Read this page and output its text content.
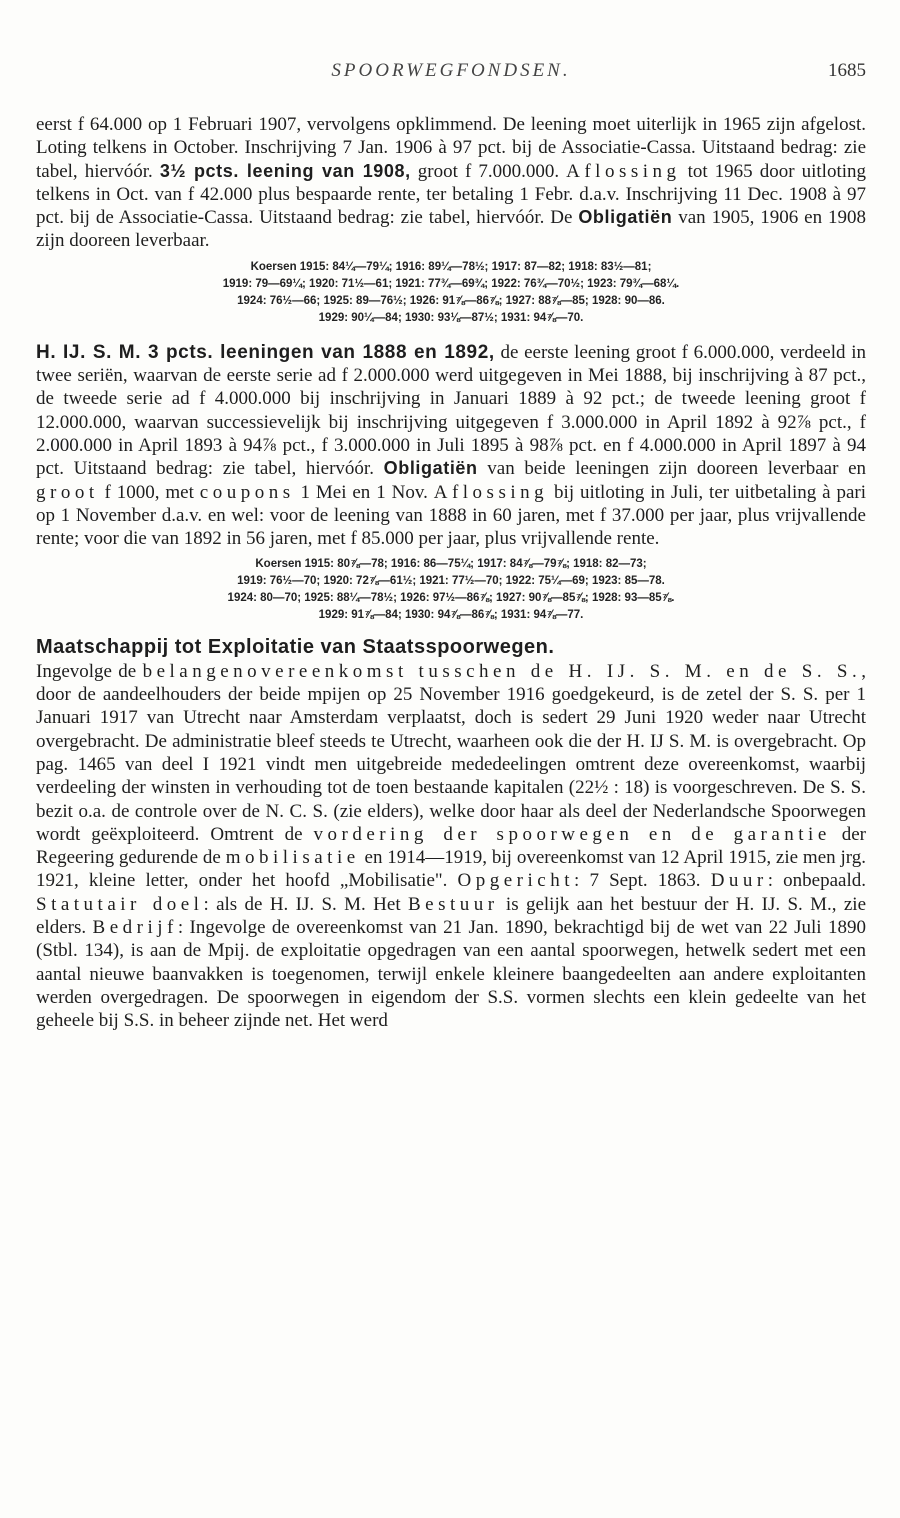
SPOORWEGFONDSEN.	1685

eerst f 64.000 op 1 Februari 1907, vervolgens opklimmend. De leening moet uiterlijk in 1965 zijn afgelost. Loting telkens in October. Inschrijving 7 Jan. 1906 à 97 pct. bij de Associatie-Cassa. Uitstaand bedrag: zie tabel, hiervóór. 3½ pcts. leening van 1908, groot f 7.000.000. Aflossing tot 1965 door uitloting telkens in Oct. van f 42.000 plus bespaarde rente, ter betaling 1 Febr. d.a.v. Inschrijving 11 Dec. 1908 à 97 pct. bij de Associatie-Cassa. Uitstaand bedrag: zie tabel, hiervóór. De Obligatiën van 1905, 1906 en 1908 zijn dooreen leverbaar.

Koersen 1915: 84¼—79¼; 1916: 89¼—78½; 1917: 87—82; 1918: 83½—81;
1919: 79—69¼; 1920: 71½—61; 1921: 77¾—69¾; 1922: 76¾—70½; 1923: 79¾—68¼.
1924: 76½—66; 1925: 89—76½; 1926: 91⅞—86⅞; 1927: 88⅞—85; 1928: 90—86.
1929: 90¼—84; 1930: 93⅛—87½; 1931: 94⅞—70.

H. IJ. S. M. 3 pcts. leeningen van 1888 en 1892, de eerste leening groot f 6.000.000, verdeeld in twee seriën, waarvan de eerste serie ad f 2.000.000 werd uitgegeven in Mei 1888, bij inschrijving à 87 pct., de tweede serie ad f 4.000.000 bij inschrijving in Januari 1889 à 92 pct.; de tweede leening groot f 12.000.000, waarvan successievelijk bij inschrijving uitgegeven f 3.000.000 in April 1892 à 92⅞ pct., f 2.000.000 in April 1893 à 94⅞ pct., f 3.000.000 in Juli 1895 à 98⅞ pct. en f 4.000.000 in April 1897 à 94 pct. Uitstaand bedrag: zie tabel, hiervóór. Obligatiën van beide leeningen zijn dooreen leverbaar en groot f 1000, met coupons 1 Mei en 1 Nov. Aflossing bij uitloting in Juli, ter uitbetaling à pari op 1 November d.a.v. en wel: voor de leening van 1888 in 60 jaren, met f 37.000 per jaar, plus vrijvallende rente; voor die van 1892 in 56 jaren, met f 85.000 per jaar, plus vrijvallende rente.

Koersen 1915: 80⅞—78; 1916: 86—75¼; 1917: 84⅞—79⅞; 1918: 82—73;
1919: 76½—70; 1920: 72⅞—61½; 1921: 77½—70; 1922: 75¼—69; 1923: 85—78.
1924: 80—70; 1925: 88¼—78½; 1926: 97½—86⅞; 1927: 90⅞—85⅞; 1928: 93—85⅞.
1929: 91⅞—84; 1930: 94⅞—86⅞; 1931: 94⅞—77.
Maatschappij tot Exploitatie van Staatsspoorwegen.

Ingevolge de belangenovereenkomst tusschen de H. IJ. S. M. en de S. S., door de aandeelhouders der beide mpijen op 25 November 1916 goedgekeurd, is de zetel der S. S. per 1 Januari 1917 van Utrecht naar Amsterdam verplaatst, doch is sedert 29 Juni 1920 weder naar Utrecht overgebracht. De administratie bleef steeds te Utrecht, waarheen ook die der H. IJ S. M. is overgebracht. Op pag. 1465 van deel I 1921 vindt men uitgebreide mededeelingen omtrent deze overeenkomst, waarbij verdeeling der winsten in verhouding tot de toen bestaande kapitalen (22½ : 18) is voorgeschreven. De S. S. bezit o.a. de controle over de N. C. S. (zie elders), welke door haar als deel der Nederlandsche Spoorwegen wordt geëxploiteerd. Omtrent de vordering der spoorwegen en de garantie der Regeering gedurende de mobilisatie en 1914—1919, bij overeenkomst van 12 April 1915, zie men jrg. 1921, kleine letter, onder het hoofd „Mobilisatie". Opgericht: 7 Sept. 1863. Duur: onbepaald. Statutair doel: als de H. IJ. S. M. Het Bestuur is gelijk aan het bestuur der H. IJ. S. M., zie elders. Bedrijf: Ingevolge de overeenkomst van 21 Jan. 1890, bekrachtigd bij de wet van 22 Juli 1890 (Stbl. 134), is aan de Mpij. de exploitatie opgedragen van een aantal spoorwegen, hetwelk sedert met een aantal nieuwe baanvakken is toegenomen, terwijl enkele kleinere baangedeelten aan andere exploitanten werden overgedragen. De spoorwegen in eigendom der S.S. vormen slechts een klein gedeelte van het geheele bij S.S. in beheer zijnde net. Het werd
